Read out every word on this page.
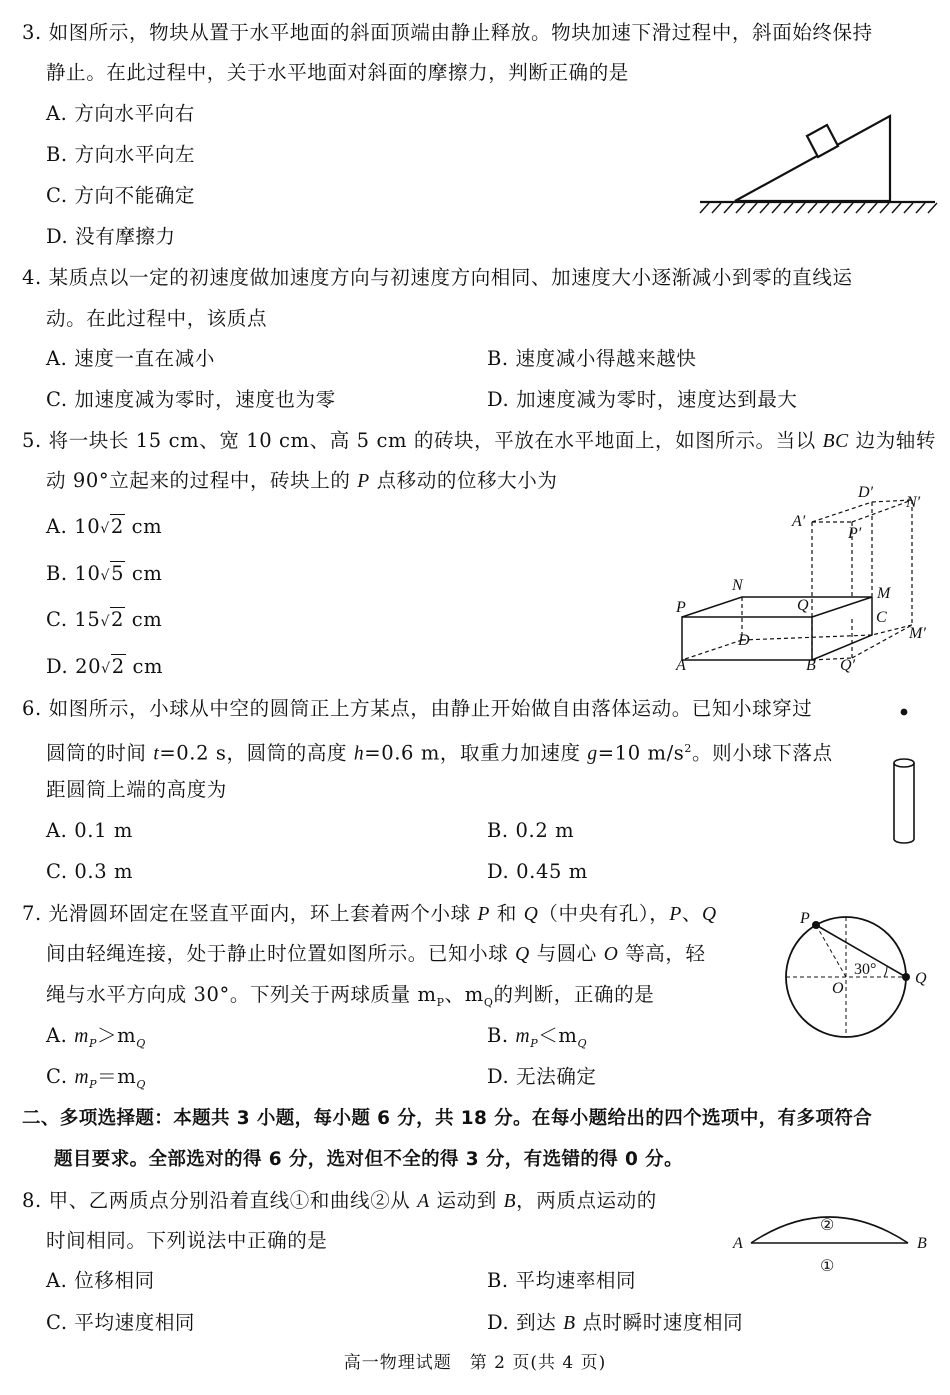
3. 如图所示，物块从置于水平地面的斜面顶端由静止释放。物块加速下滑过程中，斜面始终保持
静止。在此过程中，关于水平地面对斜面的摩擦力，判断正确的是
A. 方向水平向右
B. 方向水平向左
C. 方向不能确定
D. 没有摩擦力
4. 某质点以一定的初速度做加速度方向与初速度方向相同、加速度大小逐渐减小到零的直线运
动。在此过程中，该质点
A. 速度一直在减小	B. 速度减小得越来越快
C. 加速度减为零时，速度也为零	D. 加速度减为零时，速度达到最大
5. 将一块长 15 cm、宽 10 cm、高 5 cm 的砖块，平放在水平地面上，如图所示。当以 BC 边为轴转
动 90°立起来的过程中，砖块上的 P 点移动的位移大小为
A. 10√2 cm
B. 10√5 cm
C. 15√2 cm
D. 20√2 cm
P
N
Q
M
C
A
D
B Q′
M′
A′
D′
N′
P′
6. 如图所示，小球从中空的圆筒正上方某点，由静止开始做自由落体运动。已知小球穿过
圆筒的时间 t=0.2 s，圆筒的高度 h=0.6 m，取重力加速度 g=10 $m/s^2$。则小球下落点
距圆筒上端的高度为
A. 0.1 m	B. 0.2 m
C. 0.3 m	D. 0.45 m
7. 光滑圆环固定在竖直平面内，环上套着两个小球 P 和 Q（中央有孔），P、Q
间由轻绳连接，处于静止时位置如图所示。已知小球 Q 与圆心 O 等高，轻
绳与水平方向成 30°。下列关于两球质量 $m_P$、$m_Q$的判断，正确的是
A. $m_P>m_Q$	B. $m_P<m_Q$
C. $m_P=m_Q$	D. 无法确定
P
O
Q
30°
二、多项选择题：本题共 3 小题，每小题 6 分，共 18 分。在每小题给出的四个选项中，有多项符合
题目要求。全部选对的得 6 分，选对但不全的得 3 分，有选错的得 0 分。
8. 甲、乙两质点分别沿着直线①和曲线②从 A 运动到 B，两质点运动的
时间相同。下列说法中正确的是
A. 位移相同	B. 平均速率相同
C. 平均速度相同	D. 到达 B 点时瞬时速度相同
A	B
①
②
高一物理试题　第 2 页(共 4 页)
